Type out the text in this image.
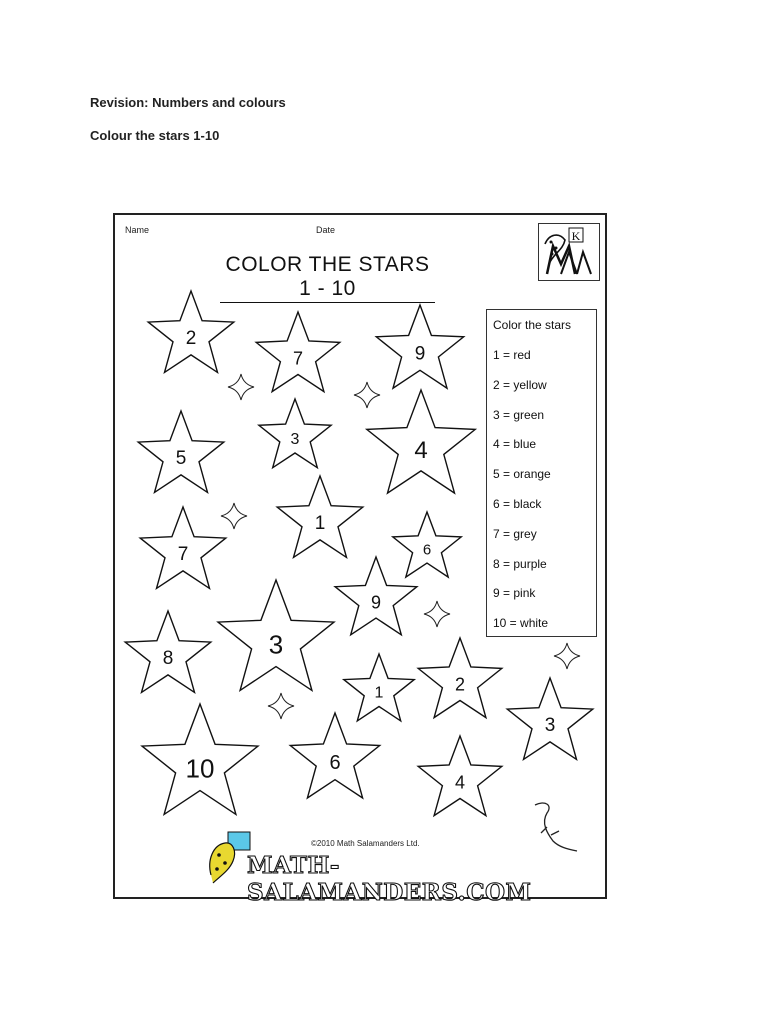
Revision: Numbers and colours
Colour the stars 1-10
Name	Date
COLOR THE STARS 1 - 10
K
2
7	9
5
3	4
1
7	6
9
3
8
2
1
3
10	6
4
Color the stars
1 = red
2 = yellow
3 = green
4 = blue
5 = orange
6 = black
7 = grey
8 = purple
9 = pink
10 = white
©2010 Math Salamanders Ltd.
MATH-SALAMANDERS.COM
